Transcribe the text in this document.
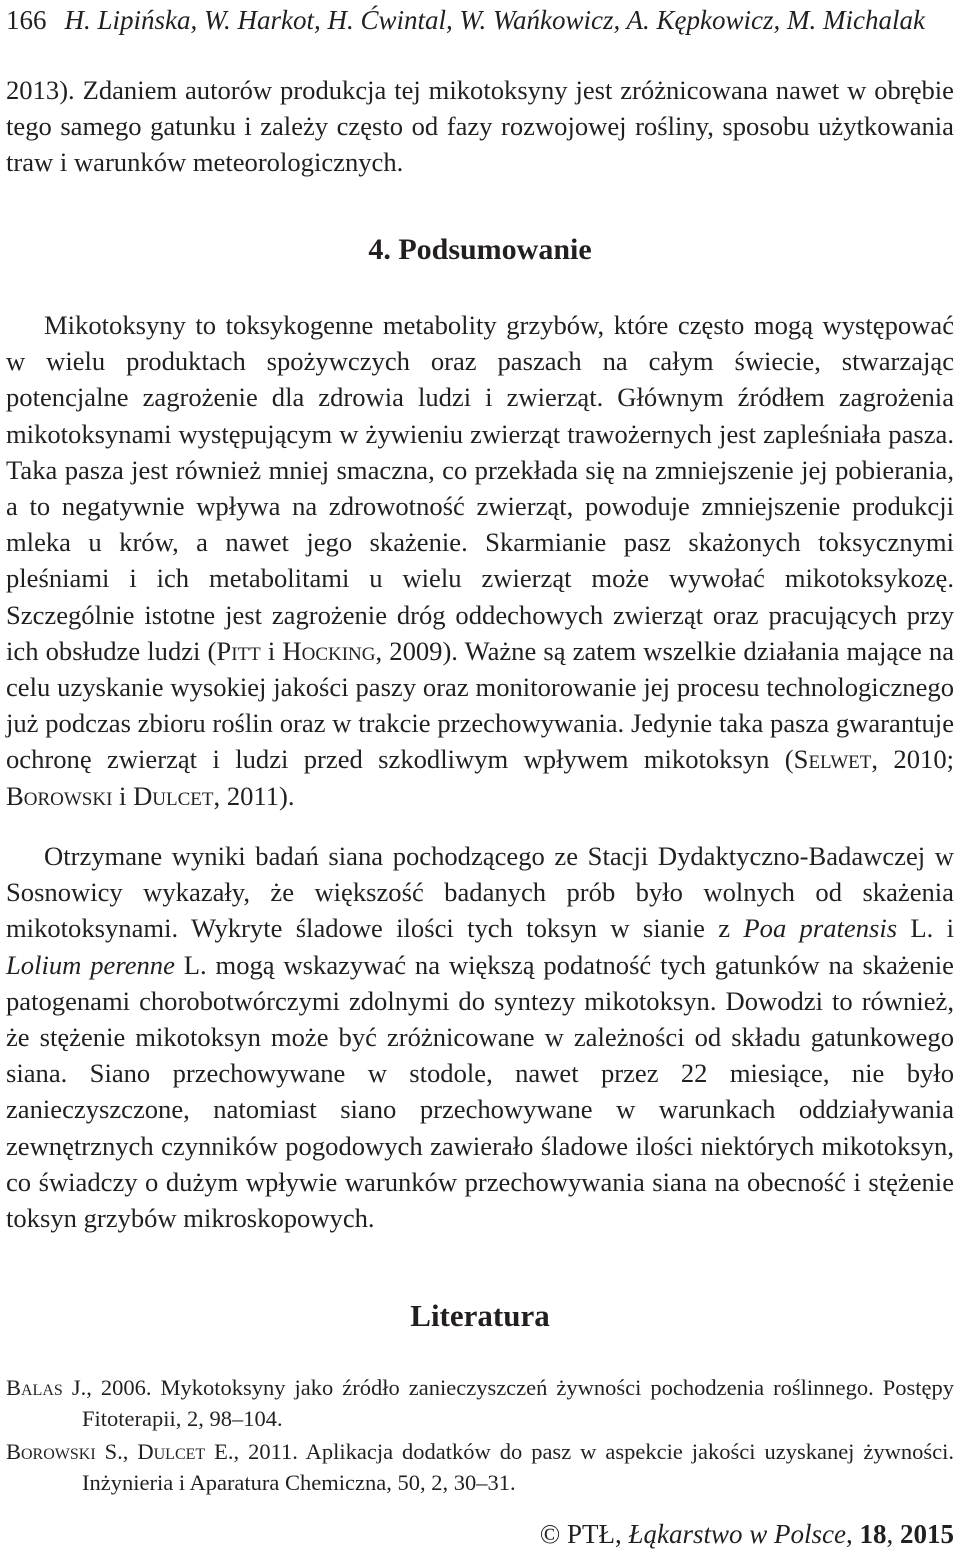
166 H. Lipińska, W. Harkot, H. Ćwintal, W. Wańkowicz, A. Kępkowicz, M. Michalak

2013). Zdaniem autorów produkcja tej mikotoksyny jest zróżnicowana nawet w obrębie tego samego gatunku i zależy często od fazy rozwojowej rośliny, sposobu użytkowania traw i warunków meteorologicznych.

4. Podsumowanie

Mikotoksyny to toksykogenne metabolity grzybów, które często mogą występować w wielu produktach spożywczych oraz paszach na całym świecie, stwarzając potencjalne zagrożenie dla zdrowia ludzi i zwierząt. Głównym źródłem zagrożenia mikotoksynami występującym w żywieniu zwierząt trawożernych jest zapleśniała pasza. Taka pasza jest również mniej smaczna, co przekłada się na zmniejszenie jej pobierania, a to negatywnie wpływa na zdrowotność zwierząt, powoduje zmniejszenie produkcji mleka u krów, a nawet jego skażenie. Skarmianie pasz skażonych toksycznymi pleśniami i ich metabolitami u wielu zwierząt może wywołać mikotoksykozę. Szczególnie istotne jest zagrożenie dróg oddechowych zwierząt oraz pracujących przy ich obsłudze ludzi (Pitt i Hocking, 2009). Ważne są zatem wszelkie działania mające na celu uzyskanie wysokiej jakości paszy oraz monitorowanie jej procesu technologicznego już podczas zbioru roślin oraz w trakcie przechowywania. Jedynie taka pasza gwarantuje ochronę zwierząt i ludzi przed szkodliwym wpływem mikotoksyn (Selwet, 2010; Borowski i Dulcet, 2011).

Otrzymane wyniki badań siana pochodzącego ze Stacji Dydaktyczno-Badawczej w Sosnowicy wykazały, że większość badanych prób było wolnych od skażenia mikotoksynami. Wykryte śladowe ilości tych toksyn w sianie z Poa pratensis L. i Lolium perenne L. mogą wskazywać na większą podatność tych gatunków na skażenie patogenami chorobotwórczymi zdolnymi do syntezy mikotoksyn. Dowodzi to również, że stężenie mikotoksyn może być zróżnicowane w zależności od składu gatunkowego siana. Siano przechowywane w stodole, nawet przez 22 miesiące, nie było zanieczyszczone, natomiast siano przechowywane w warunkach oddziaływania zewnętrznych czynników pogodowych zawierało śladowe ilości niektórych mikotoksyn, co świadczy o dużym wpływie warunków przechowywania siana na obecność i stężenie toksyn grzybów mikroskopowych.

Literatura

Balas J., 2006. Mykotoksyny jako źródło zanieczyszczeń żywności pochodzenia roślinnego. Postępy Fitoterapii, 2, 98–104.

Borowski S., Dulcet E., 2011. Aplikacja dodatków do pasz w aspekcie jakości uzyskanej żywności. Inżynieria i Aparatura Chemiczna, 50, 2, 30–31.

© PTŁ, Łąkarstwo w Polsce, 18, 2015
